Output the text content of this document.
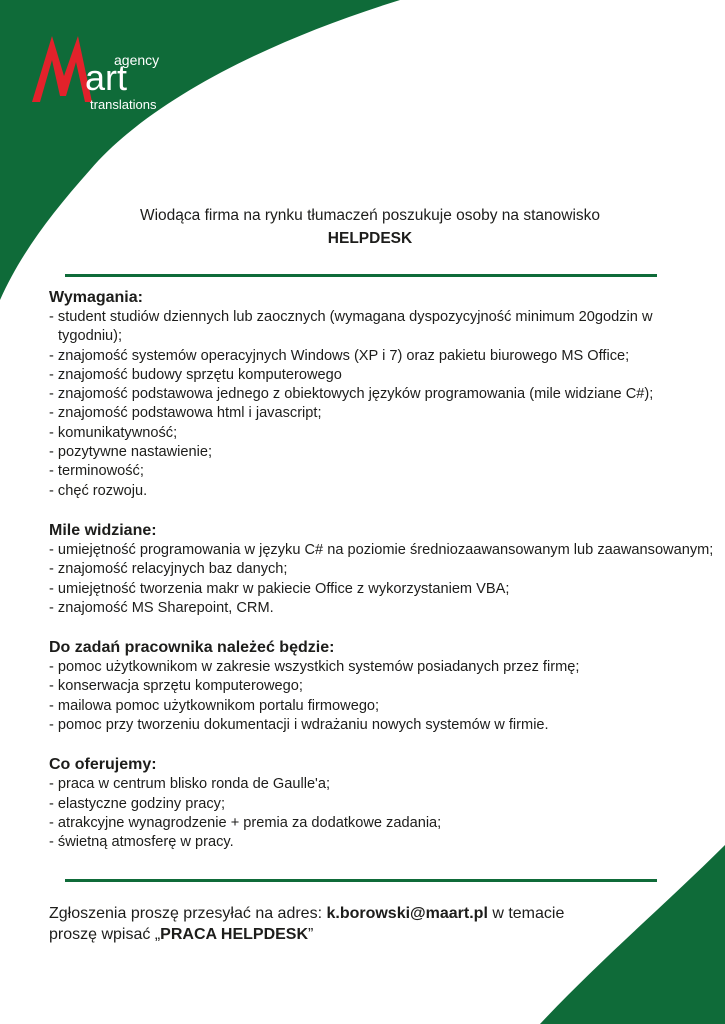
agency
art
translations
Wiodąca firma na rynku tłumaczeń poszukuje osoby na stanowisko
HELPDESK

Wymagania:

- student studiów dziennych lub zaocznych (wymagana dyspozycyjność minimum 20godzin w tygodniu);
- znajomość systemów operacyjnych Windows (XP i 7) oraz pakietu biurowego MS Office;
- znajomość budowy sprzętu komputerowego
- znajomość podstawowa jednego z obiektowych języków programowania (mile widziane C#);
- znajomość podstawowa html i javascript;
- komunikatywność;
- pozytywne nastawienie;
- terminowość;
- chęć rozwoju.

Mile widziane:

- umiejętność programowania w języku C# na poziomie średniozaawansowanym lub zaawansowanym;
- znajomość relacyjnych baz danych;
- umiejętność tworzenia makr w pakiecie Office z wykorzystaniem VBA;
- znajomość MS Sharepoint, CRM.

Do zadań pracownika należeć będzie:

- pomoc użytkownikom w zakresie wszystkich systemów posiadanych przez firmę;
- konserwacja sprzętu komputerowego;
- mailowa pomoc użytkownikom portalu firmowego;
- pomoc przy tworzeniu dokumentacji i wdrażaniu nowych systemów w firmie.

Co oferujemy:

- praca w centrum blisko ronda de Gaulle'a;
- elastyczne godziny pracy;
- atrakcyjne wynagrodzenie + premia za dodatkowe zadania;
- świetną atmosferę w pracy.
Zgłoszenia proszę przesyłać na adres: k.borowski@maart.pl w temacie
proszę wpisać „PRACA HELPDESK”
